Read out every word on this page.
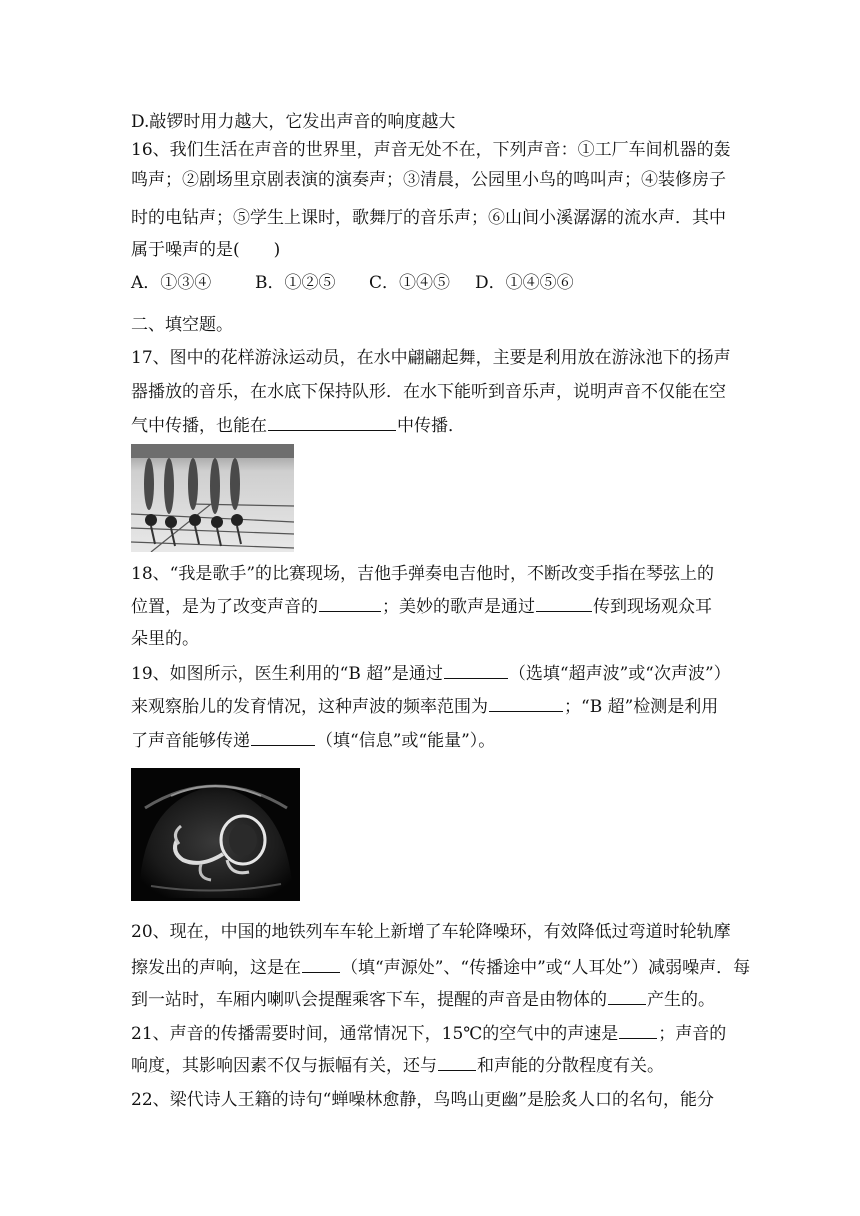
D.敲锣时用力越大，它发出声音的响度越大
16、我们生活在声音的世界里，声音无处不在，下列声音：①工厂车间机器的轰
鸣声；②剧场里京剧表演的演奏声；③清晨，公园里小鸟的鸣叫声；④装修房子
时的电钻声；⑤学生上课时，歌舞厅的音乐声；⑥山间小溪潺潺的流水声．其中
属于噪声的是(　　)
A．①③④	B．①②⑤ C．①④⑤ D．①④⑤⑥
二、填空题。
17、图中的花样游泳运动员，在水中翩翩起舞，主要是利用放在游泳池下的扬声
器播放的音乐，在水底下保持队形．在水下能听到音乐声，说明声音不仅能在空
气中传播，也能在	中传播．
18、“我是歌手”的比赛现场，吉他手弹奏电吉他时，不断改变手指在琴弦上的
位置，是为了改变声音的	；美妙的歌声是通过	传到现场观众耳
朵里的。
19、如图所示，医生利用的“B 超”是通过	（选填“超声波”或“次声波”）
来观察胎儿的发育情况，这种声波的频率范围为	；“B 超”检测是利用
了声音能够传递	（填“信息”或“能量”）。
20、现在，中国的地铁列车车轮上新增了车轮降噪环，有效降低过弯道时轮轨摩
擦发出的声响，这是在 （填“声源处”、“传播途中”或“人耳处”）减弱噪声．每
到一站时，车厢内喇叭会提醒乘客下车，提醒的声音是由物体的 产生的。
21、声音的传播需要时间，通常情况下，15℃的空气中的声速是 ；声音的
响度，其影响因素不仅与振幅有关，还与 和声能的分散程度有关。
22、梁代诗人王籍的诗句“蝉噪林愈静，鸟鸣山更幽”是脍炙人口的名句，能分
